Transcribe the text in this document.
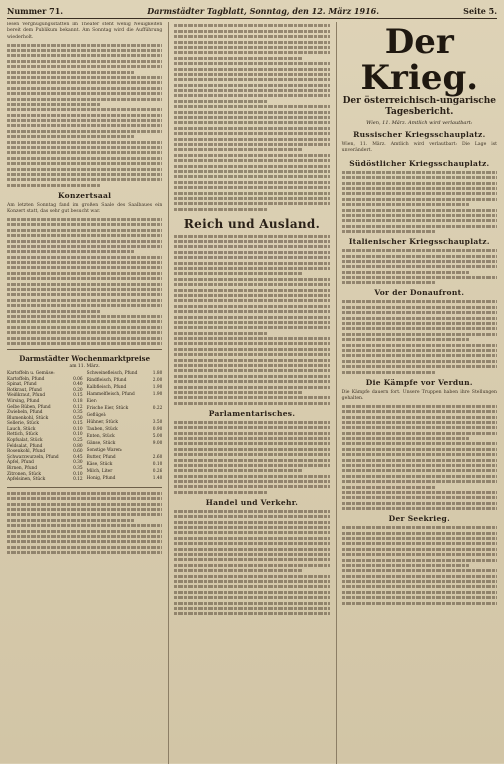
Nummer 71.	Darmstädter Tagblatt, Sonntag, den 12. März 1916.	Seite 5.

lesen Vergnügungsstätten im Theater steht wenig Neuigkeiten bereit dem Publikum bekannt. Am Sonntag wird die Aufführung wiederholt.

Konzertsaal

Am letzten Sonntag fand im großen Saale des Saalbaues ein Konzert statt, das sehr gut besucht war.

Darmstädter Wochenmarktpreise
am 11. März.
Kartoffeln u. Gemüse:	
Kartoffeln, Pfund	0.06
Spinat, Pfund	0.40
Rotkraut, Pfund	0.20
Weißkraut, Pfund	0.15
Wirsing, Pfund	0.18
Gelbe Rüben, Pfund	0.12
Zwiebeln, Pfund	0.35
Blumenkohl, Stück	0.50
Sellerie, Stück	0.15
Lauch, Stück	0.10
Rettich, Stück	0.10
Kopfsalat, Stück	0.25
Feldsalat, Pfund	0.80
Rosenkohl, Pfund	0.60
Schwarzwurzeln, Pfund	0.45
Äpfel, Pfund	0.30
Birnen, Pfund	0.35
Zitronen, Stück	0.10
Apfelsinen, Stück	0.12
Schweinefleisch, Pfund	1.80
Rindfleisch, Pfund	2.00
Kalbfleisch, Pfund	1.90
Hammelfleisch, Pfund	1.90
Eier:	
Frische Eier, Stück	0.22
Geflügel:	
Hühner, Stück	3.50
Tauben, Stück	0.90
Enten, Stück	5.00
Gänse, Stück	9.00
Sonstige Waren:	
Butter, Pfund	2.60
Käse, Stück	0.10
Milch, Liter	0.26
Honig, Pfund	1.40
Reich und Ausland.
Parlamentarisches.
Handel und Verkehr.
Der Krieg.
Der österreichisch-ungarische Tagesbericht.
Wien, 11. März. Amtlich wird verlautbart:
Russischer Kriegsschauplatz.

Wien, 11. März. Amtlich wird verlautbart: Die Lage ist unverändert.

Südöstlicher Kriegsschauplatz.
Italienischer Kriegsschauplatz.
Vor der Donaufront.
Die Kämpfe vor Verdun.

Die Kämpfe dauern fort. Unsere Truppen haben ihre Stellungen gehalten.

Der Seekrieg.
